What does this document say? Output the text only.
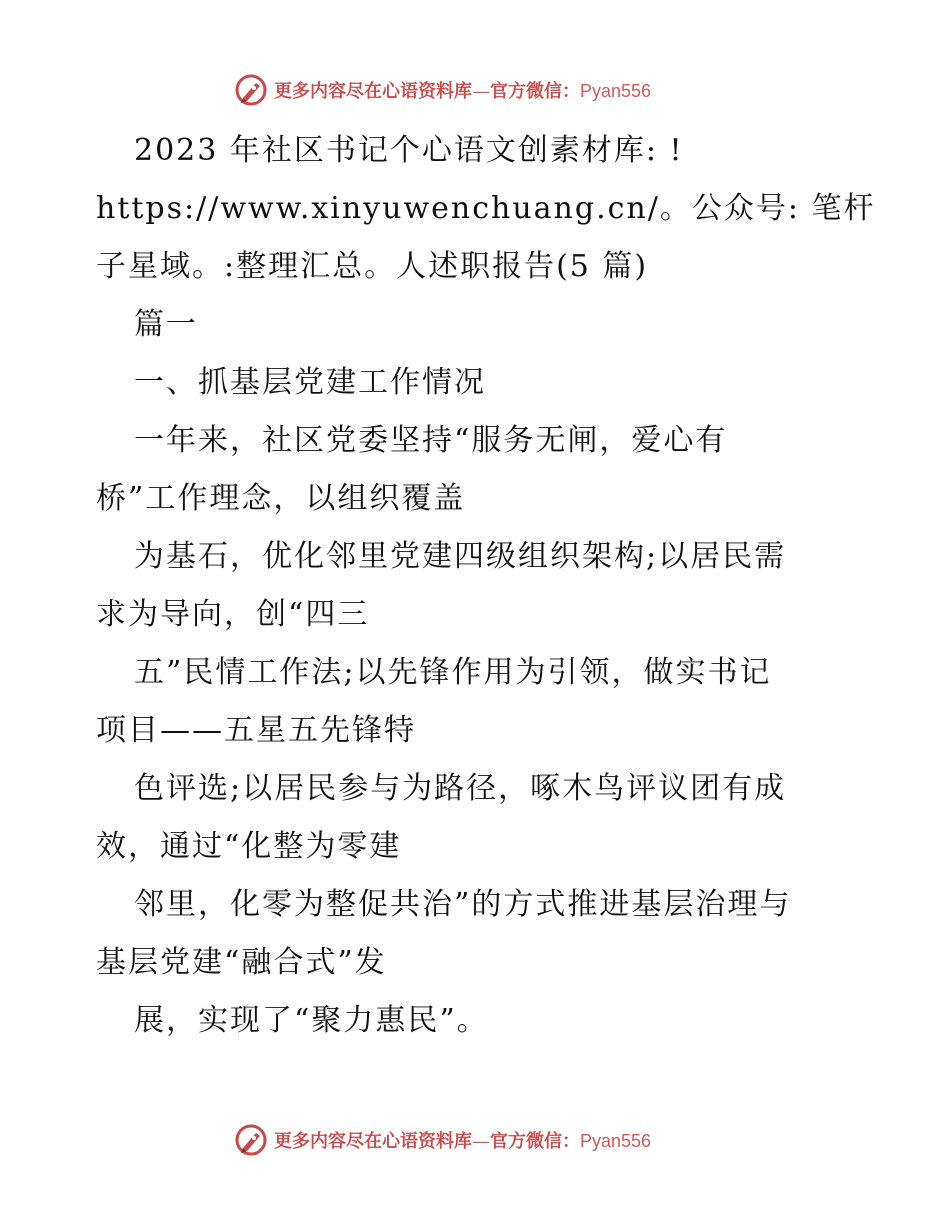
更多内容尽在心语资料库—官方微信：Pyan556
2023 年社区书记个心语文创素材库: !
https://www.xinyuwenchuang.cn/。公众号: 笔杆
子星域。:整理汇总。人述职报告(5 篇)
篇一
一、抓基层党建工作情况
一年来，社区党委坚持“服务无闸，爱心有
桥”工作理念，以组织覆盖
为基石，优化邻里党建四级组织架构;以居民需
求为导向，创“四三
五”民情工作法;以先锋作用为引领，做实书记
项目——五星五先锋特
色评选;以居民参与为路径，啄木鸟评议团有成
效，通过“化整为零建
邻里，化零为整促共治”的方式推进基层治理与
基层党建“融合式”发
展，实现了“聚力惠民”。
更多内容尽在心语资料库—官方微信：Pyan556
